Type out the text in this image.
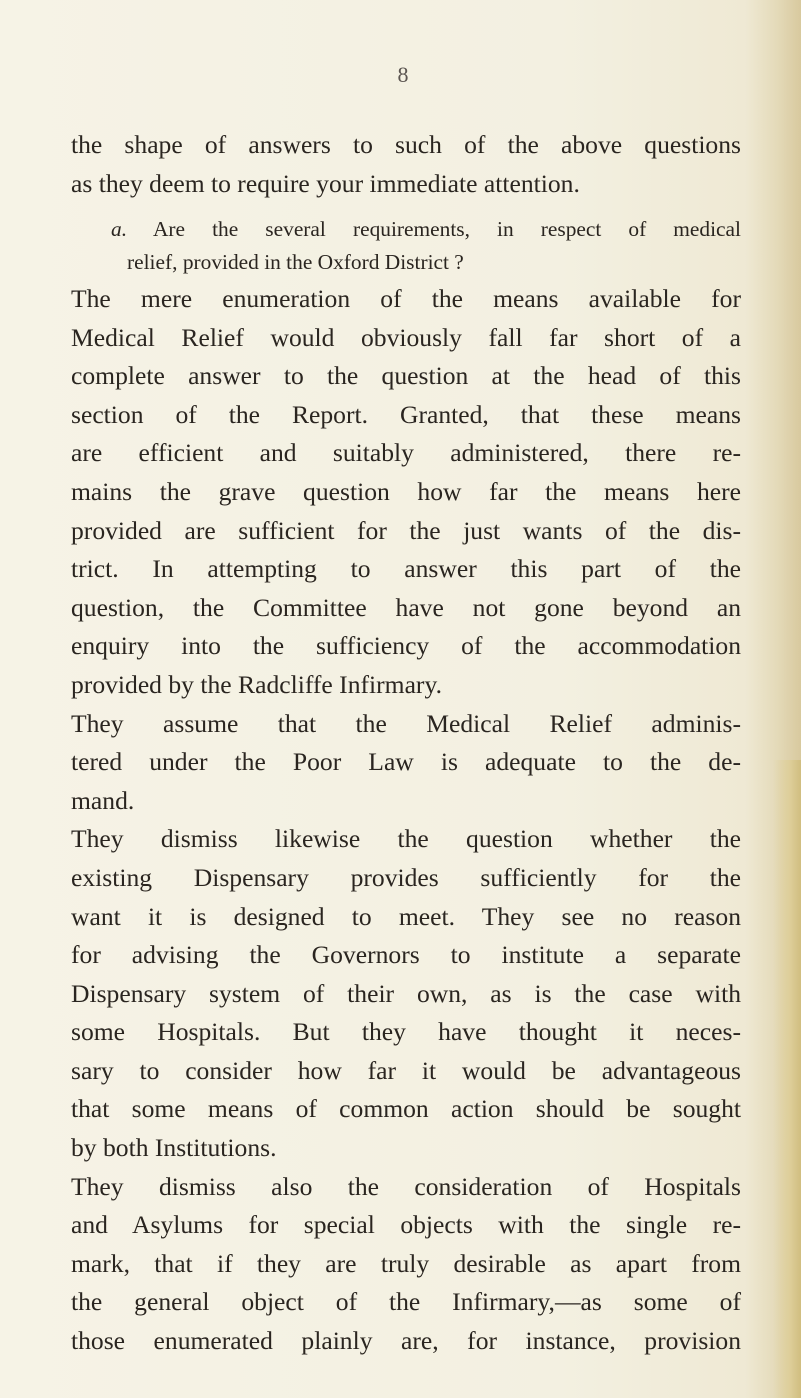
8
the shape of answers to such of the above questions
as they deem to require your immediate attention.
a. Are the several requirements, in respect of medical
relief, provided in the Oxford District ?
The mere enumeration of the means available for
Medical Relief would obviously fall far short of a
complete answer to the question at the head of this
section of the Report. Granted, that these means
are efficient and suitably administered, there re-
mains the grave question how far the means here
provided are sufficient for the just wants of the dis-
trict. In attempting to answer this part of the
question, the Committee have not gone beyond an
enquiry into the sufficiency of the accommodation
provided by the Radcliffe Infirmary.
They assume that the Medical Relief adminis-
tered under the Poor Law is adequate to the de-
mand.
They dismiss likewise the question whether the
existing Dispensary provides sufficiently for the
want it is designed to meet. They see no reason
for advising the Governors to institute a separate
Dispensary system of their own, as is the case with
some Hospitals. But they have thought it neces-
sary to consider how far it would be advantageous
that some means of common action should be sought
by both Institutions.
They dismiss also the consideration of Hospitals
and Asylums for special objects with the single re-
mark, that if they are truly desirable as apart from
the general object of the Infirmary,—as some of
those enumerated plainly are, for instance, provision
